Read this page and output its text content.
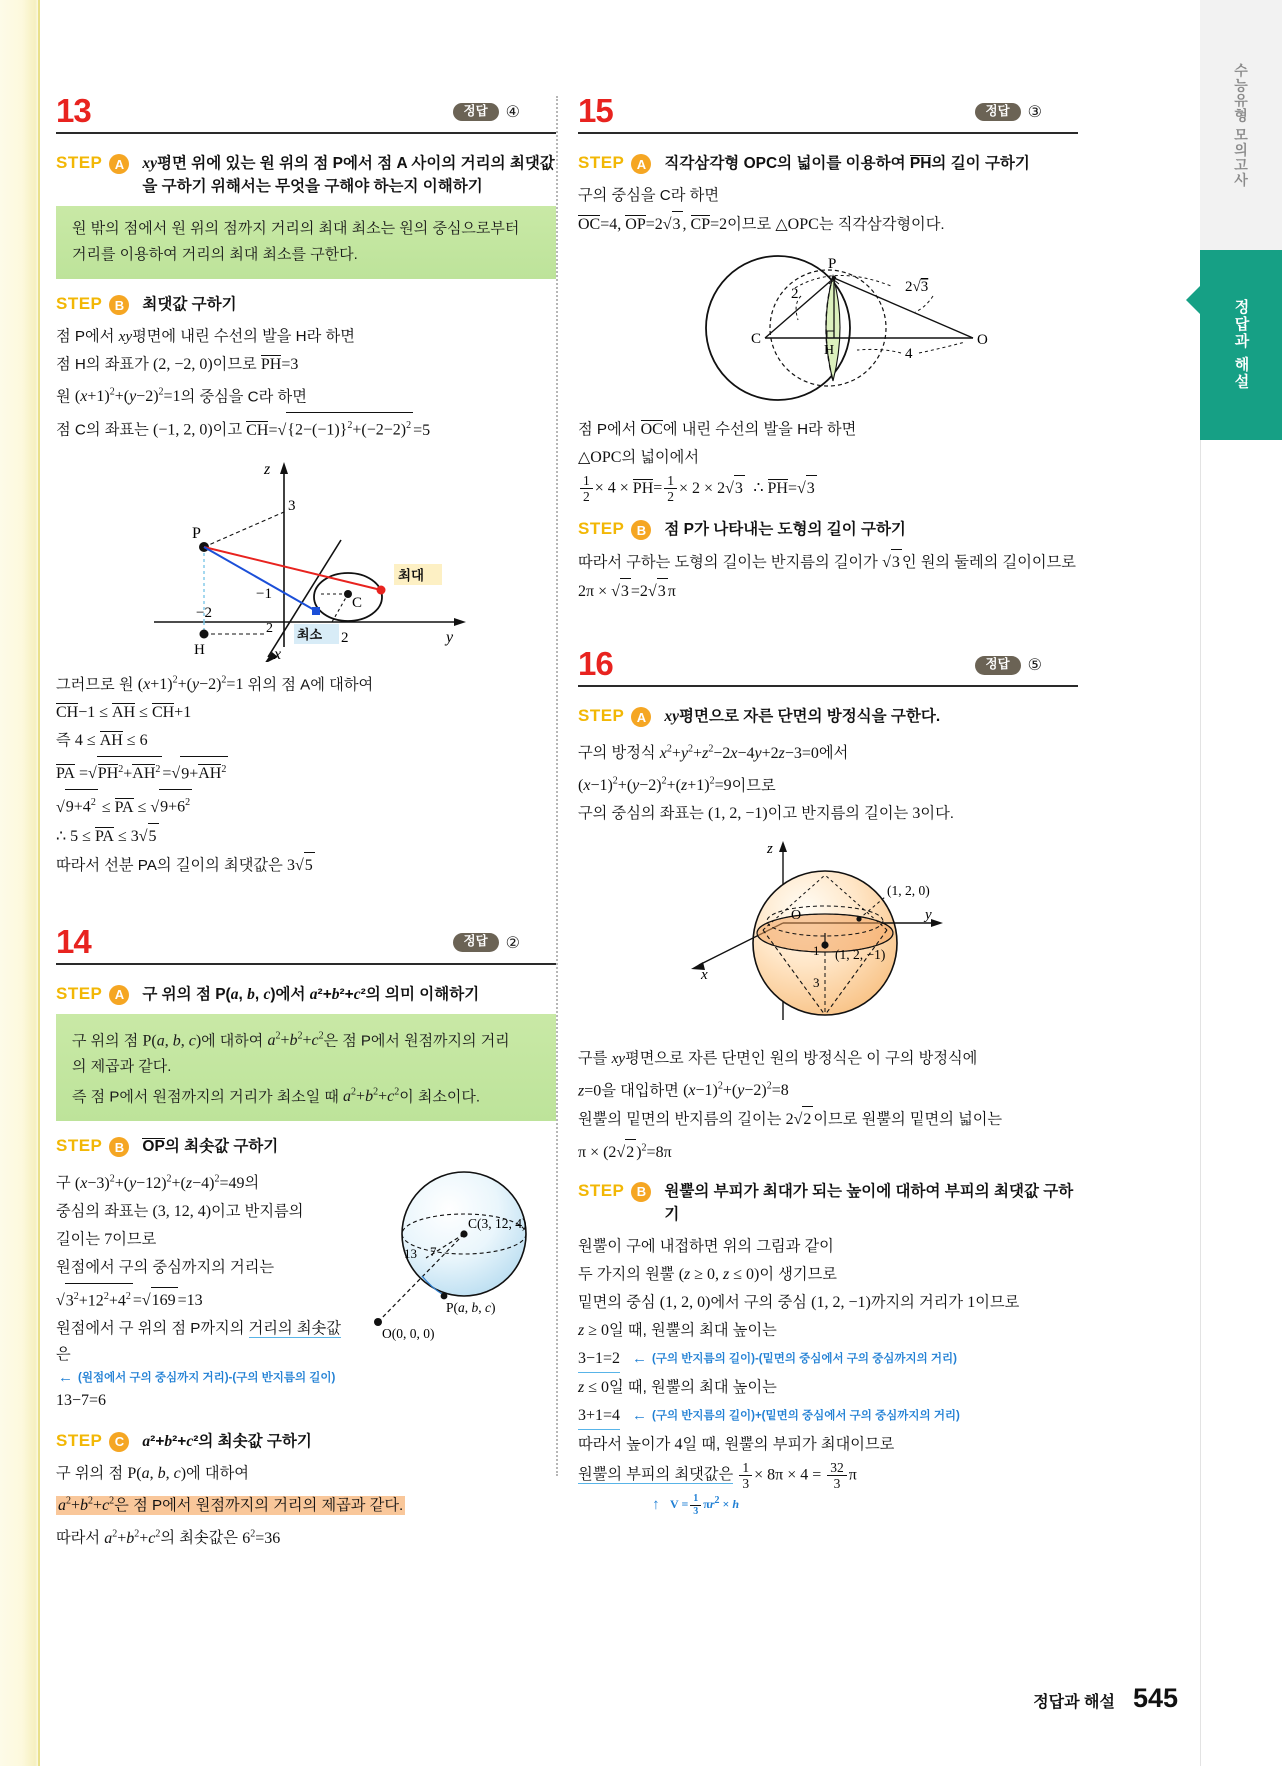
수능유형 모의고사
정답과 해설
13	정답	④
STEP A	xy평면 위에 있는 원 위의 점 P에서 점 A 사이의 거리의 최댓값
을 구하기 위해서는 무엇을 구해야 하는지 이해하기
원 밖의 점에서 원 위의 점까지 거리의 최대 최소는 원의 중심으로부터
거리를 이용하여 거리의 최대 최소를 구한다.
STEP B	최댓값 구하기
점 P에서 xy평면에 내린 수선의 발을 H라 하면
점 H의 좌표가 (2, −2, 0)이므로 PH=3
원 $(x+1)^2+(y-2)^2=1$의 중심을 C라 하면
점 C의 좌표는 (−1, 2, 0)이고 $CH=√\{2-(-1)\}^2+(-2-2)^2 =5$
z
y
x
3
−2
H
2
P
C
−1
2
최대
최소
그러므로 원 $(x+1)^2+(y-2)^2=1$ 위의 점 A에 대하여
CH−1 ≤ AH ≤ CH+1
즉 4 ≤ AH ≤ 6
PA $=√PH^2+AH^2 =√9+AH^2$
$√9+4^2$ ≤ PA ≤ $√9+6^2$
∴ 5 ≤ PA ≤ 3√5
따라서 선분 PA의 길이의 최댓값은 3√5
14	정답	②
STEP A	구 위의 점 P(a, b, c)에서 a²+b²+c²의 의미 이해하기
구 위의 점 P(a, b, c)에 대하여 $a^2+b^2+c^2$은 점 P에서 원점까지의 거리
의 제곱과 같다.
즉 점 P에서 원점까지의 거리가 최소일 때 $a^2+b^2+c^2$이 최소이다.
STEP B	OP의 최솟값 구하기
C(3, 12, 4)
7
13
O(0, 0, 0)
P(a, b, c)
구 $(x-3)^2+(y-12)^2+(z-4)^2=49$의
중심의 좌표는 (3, 12, 4)이고 반지름의
길이는 7이므로
원점에서 구의 중심까지의 거리는
$√3^2+12^2+4^2 =√169 =13$
원점에서 구 위의 점 P까지의 거리의 최솟값은
← (원점에서 구의 중심까지 거리)-(구의 반지름의 길이)
13−7=6
STEP C	a²+b²+c²의 최솟값 구하기
구 위의 점 P(a, b, c)에 대하여
$a^2+b^2+c^2$은 점 P에서 원점까지의 거리의 제곱과 같다.
따라서 $a^2+b^2+c^2$의 최솟값은 $6^2=36$
15	정답	③
STEP A	직각삼각형 OPC의 넓이를 이용하여 PH의 길이 구하기
구의 중심을 C라 하면
OC=4, OP=2√3 , CP=2이므로 △OPC는 직각삼각형이다.
C	O
P
H
2	2√3
4
점 P에서 OC에 내린 수선의 발을 H라 하면
△OPC의 넓이에서
$\frac{1}{2} \times 4 \times PH= \frac{1}{2} \times 2 \times 2√3$ ∴ PH=√3
STEP B	점 P가 나타내는 도형의 길이 구하기
따라서 구하는 도형의 길이는 반지름의 길이가 √3 인 원의 둘레의 길이이므로
2π × √3 =2√3 π
16	정답	⑤
STEP A	xy평면으로 자른 단면의 방정식을 구한다.
구의 방정식 $x^2+y^2+z^2-2x-4y+2z-3=0$에서
$(x-1)^2+(y-2)^2+(z+1)^2=9$이므로
구의 중심의 좌표는 (1, 2, −1)이고 반지름의 길이는 3이다.
z
y
x
O
(1, 2, 0)
(1, 2, −1)
1
3
구를 xy평면으로 자른 단면인 원의 방정식은 이 구의 방정식에
z=0을 대입하면 $(x-1)^2+(y-2)^2=8$
원뿔의 밑면의 반지름의 길이는 2√2 이므로 원뿔의 밑면의 넓이는
π × (2√2 )$^2$=8π
STEP B	원뿔의 부피가 최대가 되는 높이에 대하여 부피의 최댓값 구하기
원뿔이 구에 내접하면 위의 그림과 같이
두 가지의 원뿔 (z ≥ 0, z ≤ 0)이 생기므로
밑면의 중심 (1, 2, 0)에서 구의 중심 (1, 2, −1)까지의 거리가 1이므로
z ≥ 0일 때, 원뿔의 최대 높이는
3−1=2 ← (구의 반지름의 길이)-(밑면의 중심에서 구의 중심까지의 거리)
z ≤ 0일 때, 원뿔의 최대 높이는
3+1=4 ← (구의 반지름의 길이)+(밑면의 중심에서 구의 중심까지의 거리)
따라서 높이가 4일 때, 원뿔의 부피가 최대이므로
원뿔의 부피의 최댓값은 $\frac{1}{3} \times 8\pi \times 4 = \frac{32}{3}$ π
← $V = \frac{1}{3} \pi r^2 \times h$
정답과 해설 545
